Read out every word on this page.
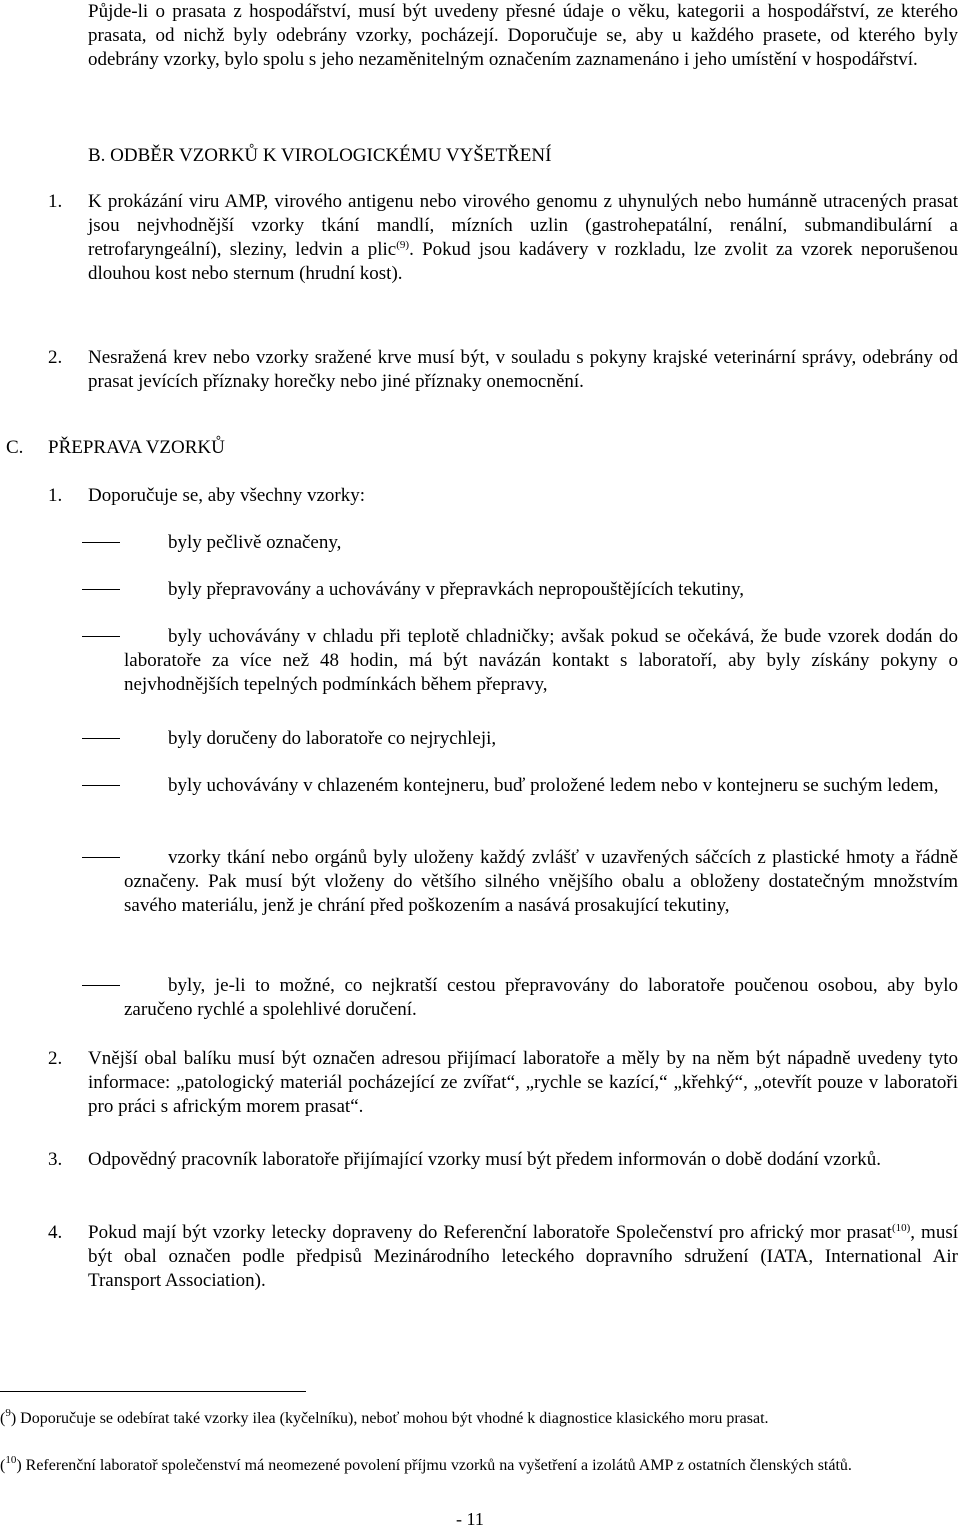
Půjde-li o prasata z hospodářství, musí být uvedeny přesné údaje o věku, kategorii a hospodářství, ze kterého prasata, od nichž byly odebrány vzorky, pocházejí. Doporučuje se, aby u každého prasete, od kterého byly odebrány vzorky, bylo spolu s jeho nezaměnitelným označením zaznamenáno i jeho umístění v hospodářství.

B. ODBĚR VZORKŮ K VIROLOGICKÉMU VYŠETŘENÍ

1. K prokázání viru AMP, virového antigenu nebo virového genomu z uhynulých nebo humánně utracených prasat jsou nejvhodnější vzorky tkání mandlí, mízních uzlin (gastrohepatální, renální, submandibulární a retrofaryngeální), sleziny, ledvin a plic$^{(9)}$. Pokud jsou kadávery v rozkladu, lze zvolit za vzorek neporušenou dlouhou kost nebo sternum (hrudní kost).

2. Nesražená krev nebo vzorky sražené krve musí být, v souladu s pokyny krajské veterinární správy, odebrány od prasat jevících příznaky horečky nebo jiné příznaky onemocnění.

C. PŘEPRAVA VZORKŮ

1. Doporučuje se, aby všechny vzorky:

byly pečlivě označeny,

byly přepravovány a uchovávány v přepravkách nepropouštějících tekutiny,

byly uchovávány v chladu při teplotě chladničky; avšak pokud se očekává, že bude vzorek dodán do laboratoře za více než 48 hodin, má být navázán kontakt s laboratoří, aby byly získány pokyny o nejvhodnějších tepelných podmínkách během přepravy,

byly doručeny do laboratoře co nejrychleji,

byly uchovávány v chlazeném kontejneru, buď proložené ledem nebo v kontejneru se suchým ledem,

vzorky tkání nebo orgánů byly uloženy každý zvlášť v uzavřených sáčcích z plastické hmoty a řádně označeny. Pak musí být vloženy do většího silného vnějšího obalu a obloženy dostatečným množstvím savého materiálu, jenž je chrání před poškozením a nasává prosakující tekutiny,

byly, je-li to možné, co nejkratší cestou přepravovány do laboratoře poučenou osobou, aby bylo zaručeno rychlé a spolehlivé doručení.

2. Vnější obal balíku musí být označen adresou přijímací laboratoře a měly by na něm být nápadně uvedeny tyto informace: „patologický materiál pocházející ze zvířat“, „rychle se kazící,“ „křehký“, „otevřít pouze v laboratoři pro práci s africkým morem prasat“.

3. Odpovědný pracovník laboratoře přijímající vzorky musí být předem informován o době dodání vzorků.

4. Pokud mají být vzorky letecky dopraveny do Referenční laboratoře Společenství pro africký mor prasat$^{(10)}$, musí být obal označen podle předpisů Mezinárodního leteckého dopravního sdružení (IATA, International Air Transport Association).

($^9$) Doporučuje se odebírat také vzorky ilea (kyčelníku), neboť mohou být vhodné k diagnostice klasického moru prasat.

($^{10}$) Referenční laboratoř společenství má neomezené povolení příjmu vzorků na vyšetření a izolátů AMP z ostatních členských států.

- 11
